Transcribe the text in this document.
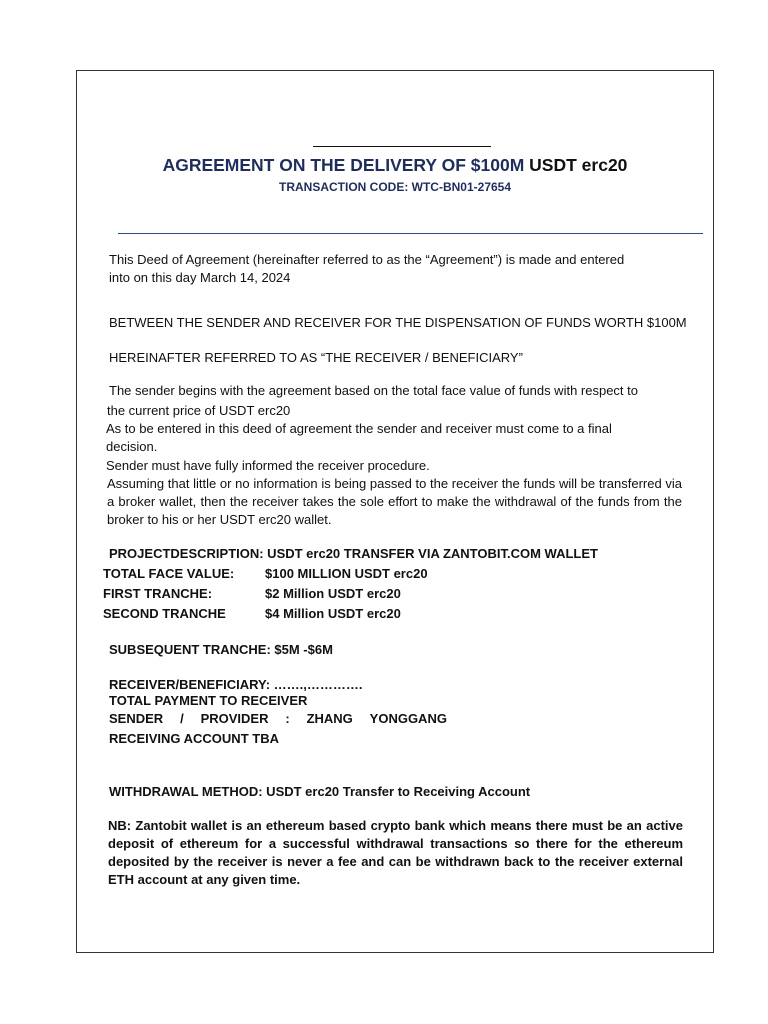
AGREEMENT ON THE DELIVERY OF $100M USDT erc20
TRANSACTION CODE: WTC-BN01-27654
This Deed of Agreement (hereinafter referred to as the “Agreement”) is made and entered
into on this day March 14, 2024
BETWEEN THE SENDER AND RECEIVER FOR THE DISPENSATION OF FUNDS WORTH $100M
HEREINAFTER REFERRED TO AS “THE RECEIVER / BENEFICIARY”
The sender begins with the agreement based on the total face value of funds with respect to
the current price of USDT erc20
As to be entered in this deed of agreement the sender and receiver must come to a final
decision.
Sender must have fully informed the receiver procedure.
Assuming that little or no information is being passed to the receiver the funds will be transferred via a broker wallet, then the receiver takes the sole effort to make the withdrawal of the funds from the broker to his or her USDT erc20 wallet.
PROJECTDESCRIPTION: USDT erc20 TRANSFER VIA ZANTOBIT.COM WALLET
TOTAL FACE VALUE: $100 MILLION USDT erc20
FIRST TRANCHE:	$2 Million USDT erc20
SECOND TRANCHE	$4 Million USDT erc20
SUBSEQUENT TRANCHE: $5M -$6M
RECEIVER/BENEFICIARY: …….,………….
TOTAL PAYMENT TO RECEIVER
SENDER / PROVIDER : ZHANG YONGGANG
RECEIVING ACCOUNT TBA
WITHDRAWAL METHOD: USDT erc20 Transfer to Receiving Account
NB: Zantobit wallet is an ethereum based crypto bank which means there must be an active deposit of ethereum for a successful withdrawal transactions so there for the ethereum deposited by the receiver is never a fee and can be withdrawn back to the receiver external ETH account at any given time.
